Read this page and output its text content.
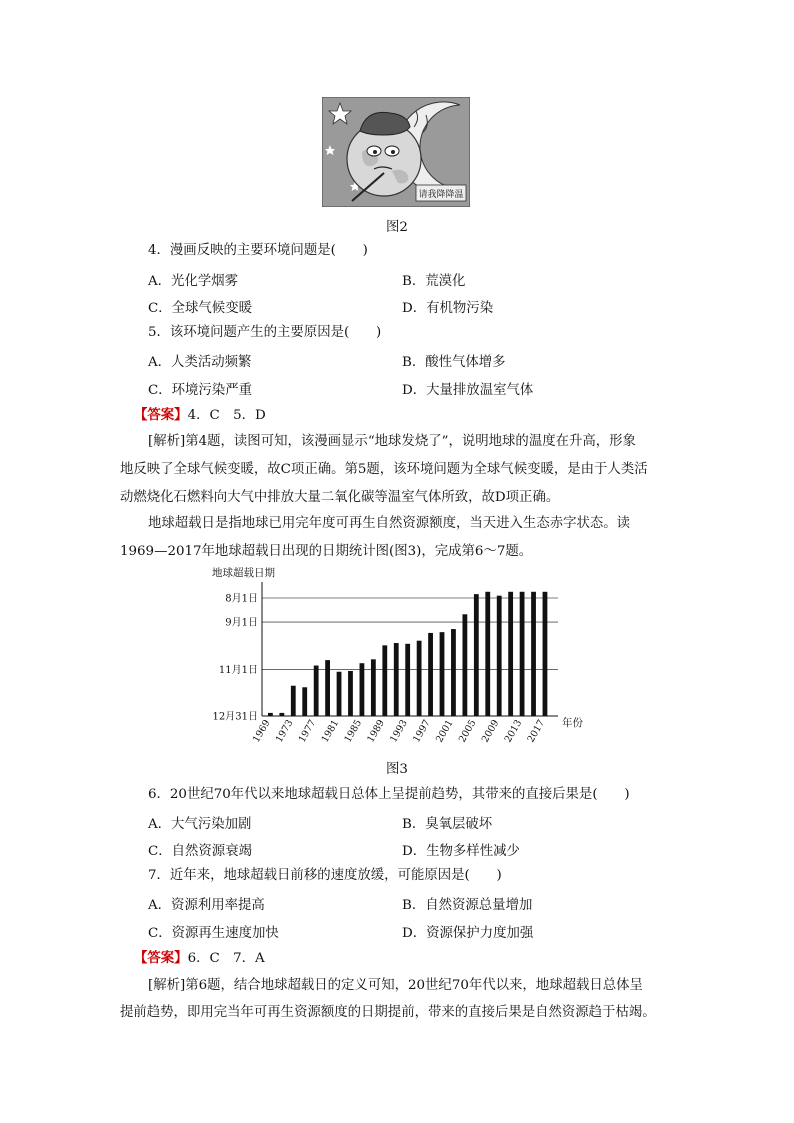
请我降降温
图2
4．漫画反映的主要环境问题是(　　)
A．光化学烟雾	B．荒漠化
C．全球气候变暖	D．有机物污染
5．该环境问题产生的主要原因是(　　)
A．人类活动频繁	B．酸性气体增多
C．环境污染严重	D．大量排放温室气体
【答案】4．C　5．D
[解析]第4题，读图可知，该漫画显示“地球发烧了”，说明地球的温度在升高，形象
地反映了全球气候变暖，故C项正确。第5题，该环境问题为全球气候变暖，是由于人类活
动燃烧化石燃料向大气中排放大量二氧化碳等温室气体所致，故D项正确。
地球超载日是指地球已用完年度可再生自然资源额度，当天进入生态赤字状态。读
1969—2017年地球超载日出现的日期统计图(图3)，完成第6～7题。
地球超载日期
8月1日
9月1日
11月1日
12月31日
1969 1973 1977 1981 1985 1989 1993 1997 2001 2005 2009 2013 2017 年份
图3
6．20世纪70年代以来地球超载日总体上呈提前趋势，其带来的直接后果是(　　)
A．大气污染加剧	B．臭氧层破坏
C．自然资源衰竭	D．生物多样性减少
7．近年来，地球超载日前移的速度放缓，可能原因是(　　)
A．资源利用率提高	B．自然资源总量增加
C．资源再生速度加快	D．资源保护力度加强
【答案】6．C　7．A
[解析]第6题，结合地球超载日的定义可知，20世纪70年代以来，地球超载日总体呈
提前趋势，即用完当年可再生资源额度的日期提前，带来的直接后果是自然资源趋于枯竭。
